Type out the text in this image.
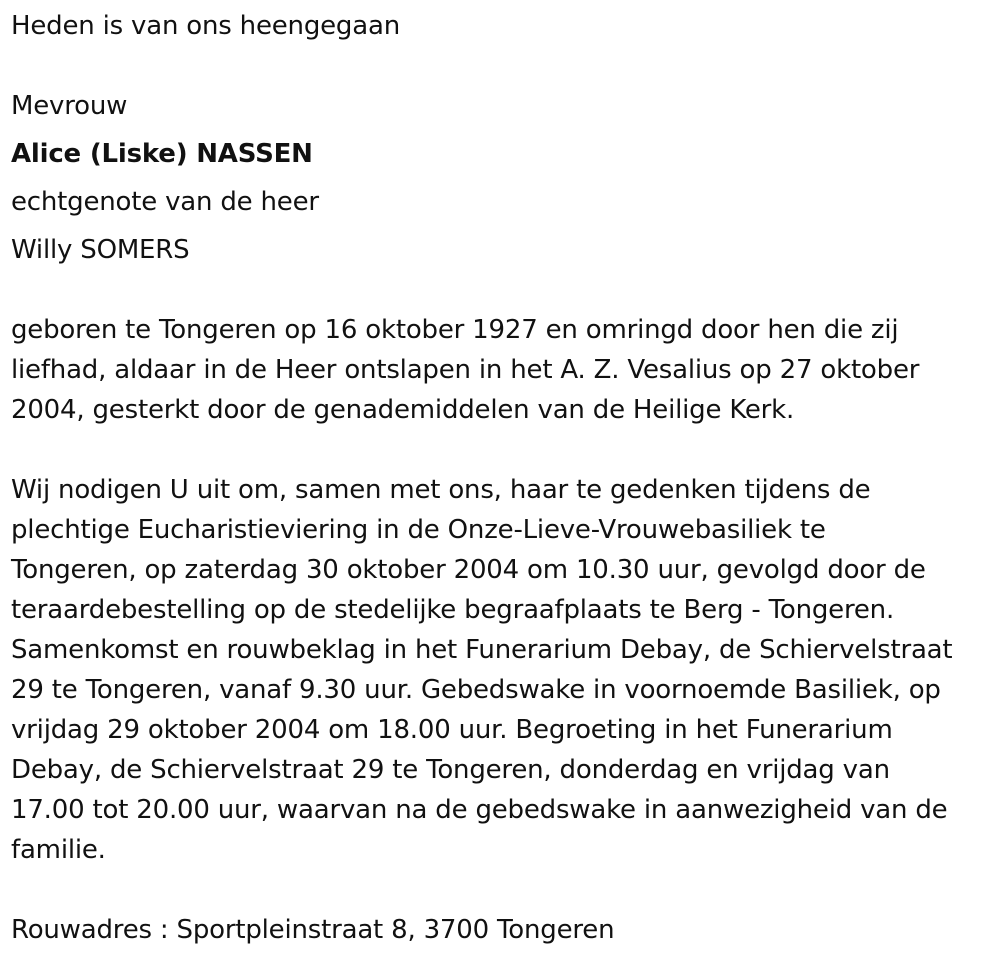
Heden is van ons heengegaan
Mevrouw
Alice (Liske) NASSEN
echtgenote van de heer
Willy SOMERS
geboren te Tongeren op 16 oktober 1927 en omringd door hen die zij
liefhad, aldaar in de Heer ontslapen in het A. Z. Vesalius op 27 oktober
2004, gesterkt door de genademiddelen van de Heilige Kerk.
Wij nodigen U uit om, samen met ons, haar te gedenken tijdens de
plechtige Eucharistieviering in de Onze-Lieve-Vrouwebasiliek te
Tongeren, op zaterdag 30 oktober 2004 om 10.30 uur, gevolgd door de
teraardebestelling op de stedelijke begraafplaats te Berg - Tongeren.
Samenkomst en rouwbeklag in het Funerarium Debay, de Schiervelstraat
29 te Tongeren, vanaf 9.30 uur. Gebedswake in voornoemde Basiliek, op
vrijdag 29 oktober 2004 om 18.00 uur. Begroeting in het Funerarium
Debay, de Schiervelstraat 29 te Tongeren, donderdag en vrijdag van
17.00 tot 20.00 uur, waarvan na de gebedswake in aanwezigheid van de
familie.
Rouwadres : Sportpleinstraat 8, 3700 Tongeren
